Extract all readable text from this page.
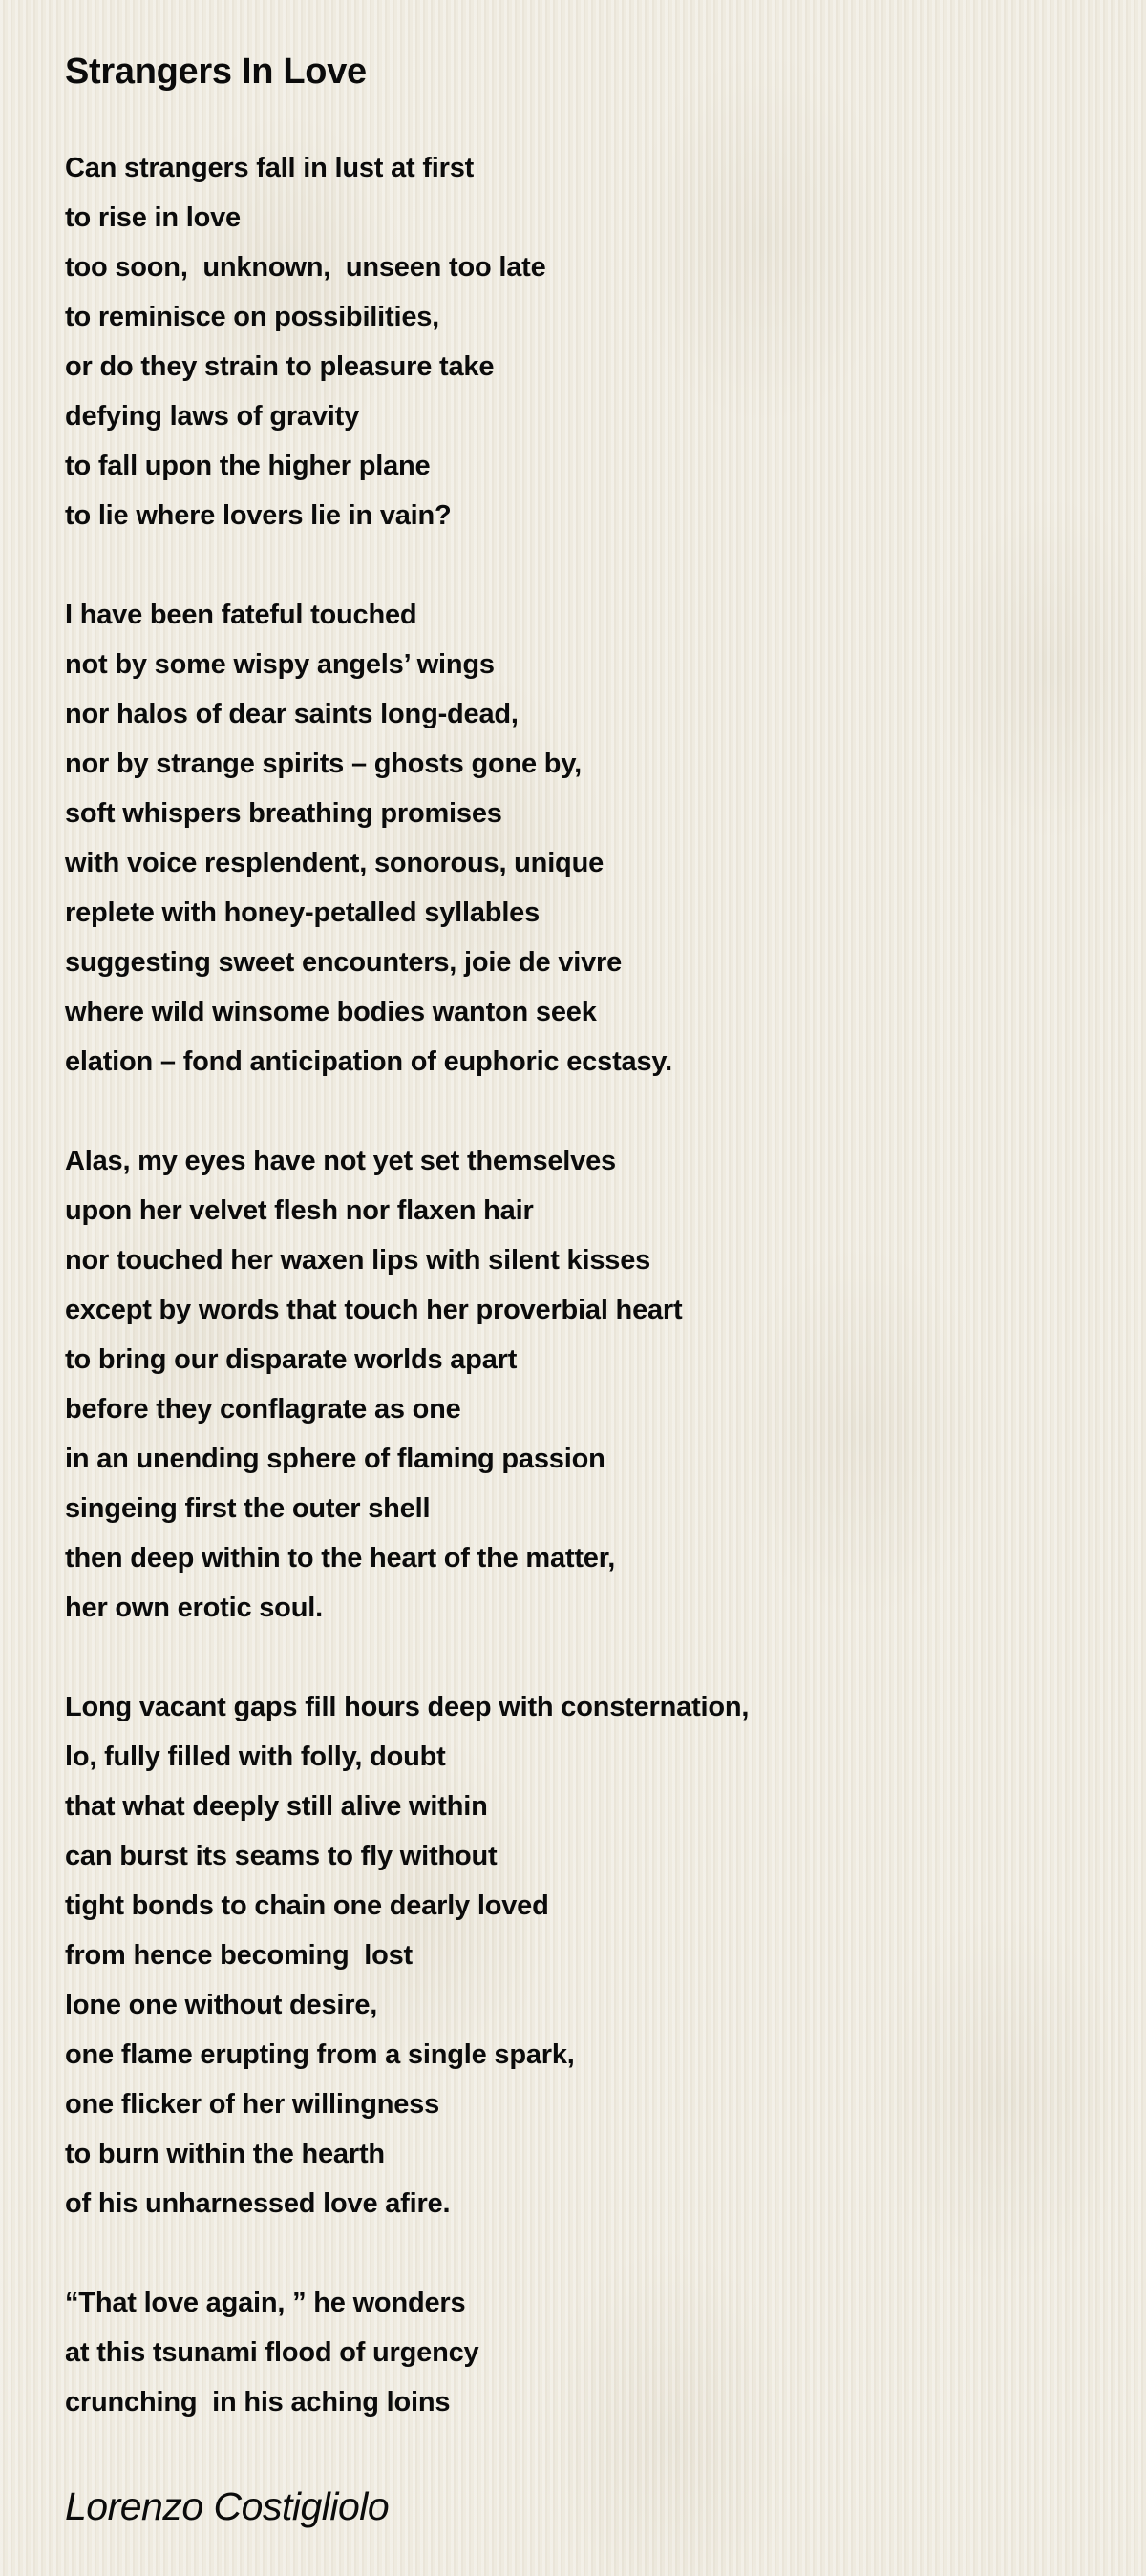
Strangers In Love
Can strangers fall in lust at first
to rise in love
too soon,  unknown,  unseen too late
to reminisce on possibilities,
or do they strain to pleasure take
defying laws of gravity
to fall upon the higher plane
to lie where lovers lie in vain?
I have been fateful touched
not by some wispy angels’ wings
nor halos of dear saints long-dead,
nor by strange spirits – ghosts gone by,
soft whispers breathing promises
with voice resplendent, sonorous, unique
replete with honey-petalled syllables
suggesting sweet encounters, joie de vivre
where wild winsome bodies wanton seek
elation – fond anticipation of euphoric ecstasy.
Alas, my eyes have not yet set themselves
upon her velvet flesh nor flaxen hair
nor touched her waxen lips with silent kisses
except by words that touch her proverbial heart
to bring our disparate worlds apart
before they conflagrate as one
in an unending sphere of flaming passion
singeing first the outer shell
then deep within to the heart of the matter,
her own erotic soul.
Long vacant gaps fill hours deep with consternation,
lo, fully filled with folly, doubt
that what deeply still alive within
can burst its seams to fly without
tight bonds to chain one dearly loved
from hence becoming  lost
lone one without desire,
one flame erupting from a single spark,
one flicker of her willingness
to burn within the hearth
of his unharnessed love afire.
“That love again, ” he wonders
at this tsunami flood of urgency
crunching  in his aching loins
Lorenzo Costigliolo
